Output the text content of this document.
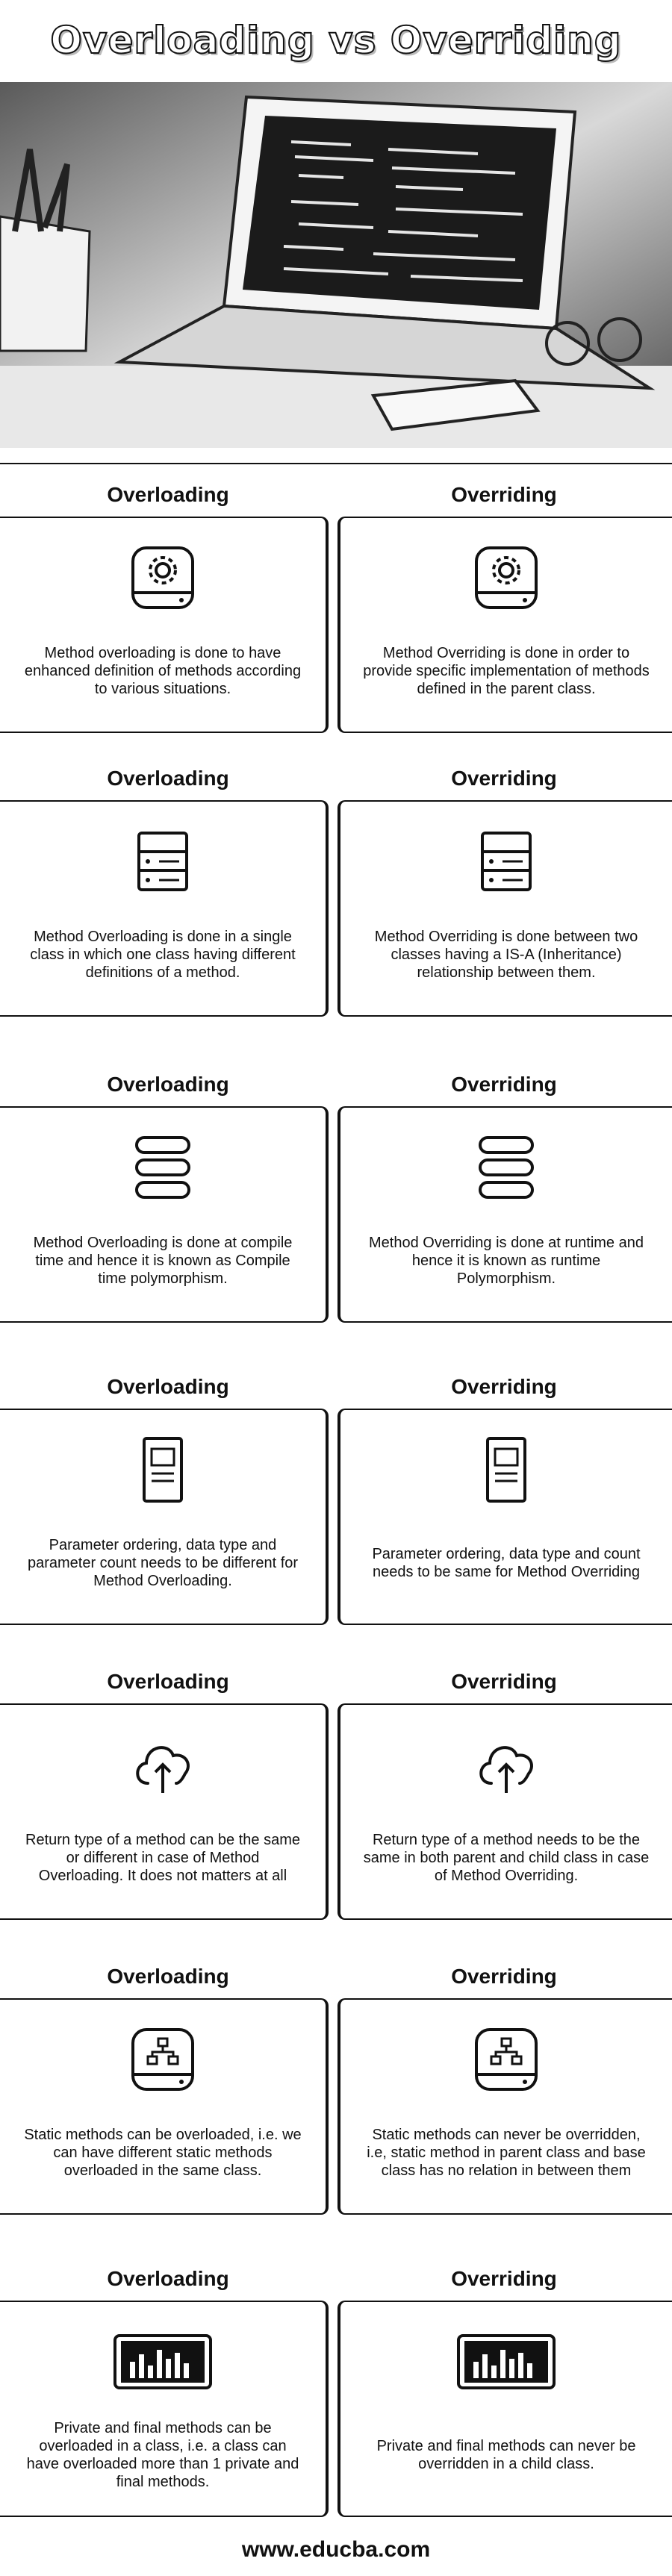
Overloading vs Overriding
Overloading	Overriding
Method overloading is done to have enhanced definition of methods according to various situations.
Method Overriding is done in order to provide specific implementation of methods defined in the parent class.
Overloading	Overriding
Method Overloading is done in a single class in which one class having different definitions of a method.
Method Overriding is done between two classes having a IS-A (Inheritance) relationship between them.
Overloading	Overriding
Method Overloading is done at compile time and hence it is known as Compile time polymorphism.
Method Overriding is done at runtime and hence it is known as runtime Polymorphism.
Overloading	Overriding
Parameter ordering, data type and parameter count needs to be different for Method Overloading.
Parameter ordering, data type and count needs to be same for Method Overriding
Overloading	Overriding
Return type of a method can be the same or different in case of Method Overloading. It does not matters at all
Return type of a method needs to be the same in both parent and child class in case of Method Overriding.
Overloading	Overriding
Static methods can be overloaded, i.e. we can have different static methods overloaded in the same class.
Static methods can never be overridden, i.e, static method in parent class and base class has no relation in between them
Overloading	Overriding
Private and final methods can be overloaded in a class, i.e. a class can have overloaded more than 1 private and final methods.
Private and final methods can never be overridden in a child class.
www.educba.com
